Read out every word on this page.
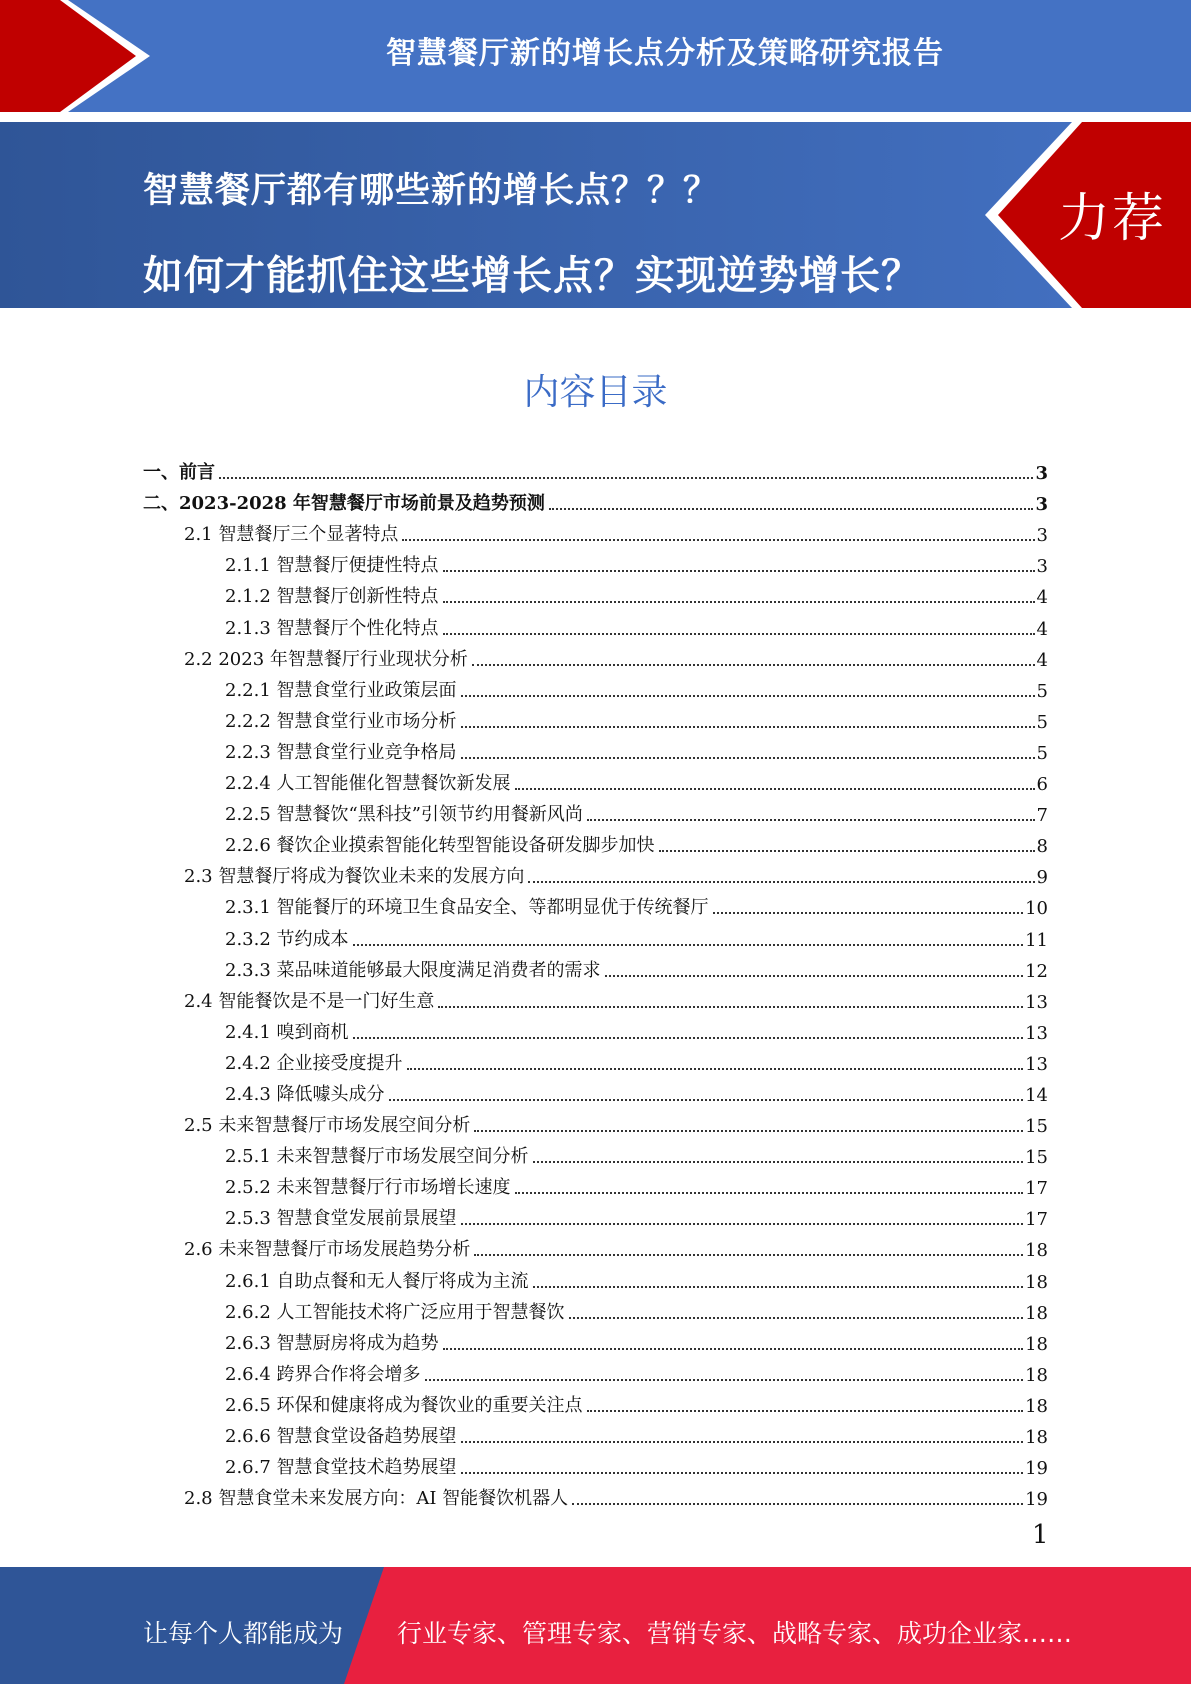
智慧餐厅新的增长点分析及策略研究报告
智慧餐厅都有哪些新的增长点？？？
如何才能抓住这些增长点？实现逆势增长？
力荐
内容目录
一、前言	3
二、2023-2028 年智慧餐厅市场前景及趋势预测	3
2.1 智慧餐厅三个显著特点	3
2.1.1 智慧餐厅便捷性特点	3
2.1.2 智慧餐厅创新性特点	4
2.1.3 智慧餐厅个性化特点	4
2.2 2023 年智慧餐厅行业现状分析	4
2.2.1 智慧食堂行业政策层面	5
2.2.2 智慧食堂行业市场分析	5
2.2.3 智慧食堂行业竞争格局	5
2.2.4 人工智能催化智慧餐饮新发展	6
2.2.5 智慧餐饮“黑科技”引领节约用餐新风尚	7
2.2.6 餐饮企业摸索智能化转型智能设备研发脚步加快	8
2.3 智慧餐厅将成为餐饮业未来的发展方向	9
2.3.1 智能餐厅的环境卫生食品安全、等都明显优于传统餐厅	10
2.3.2 节约成本	11
2.3.3 菜品味道能够最大限度满足消费者的需求	12
2.4 智能餐饮是不是一门好生意	13
2.4.1 嗅到商机	13
2.4.2 企业接受度提升	13
2.4.3 降低噱头成分	14
2.5 未来智慧餐厅市场发展空间分析	15
2.5.1 未来智慧餐厅市场发展空间分析	15
2.5.2 未来智慧餐厅行市场增长速度	17
2.5.3 智慧食堂发展前景展望	17
2.6 未来智慧餐厅市场发展趋势分析	18
2.6.1 自助点餐和无人餐厅将成为主流	18
2.6.2 人工智能技术将广泛应用于智慧餐饮	18
2.6.3 智慧厨房将成为趋势	18
2.6.4 跨界合作将会增多	18
2.6.5 环保和健康将成为餐饮业的重要关注点	18
2.6.6 智慧食堂设备趋势展望	18
2.6.7 智慧食堂技术趋势展望	19
2.8 智慧食堂未来发展方向：AI 智能餐饮机器人	19
1
让每个人都能成为 行业专家、管理专家、营销专家、战略专家、成功企业家……
